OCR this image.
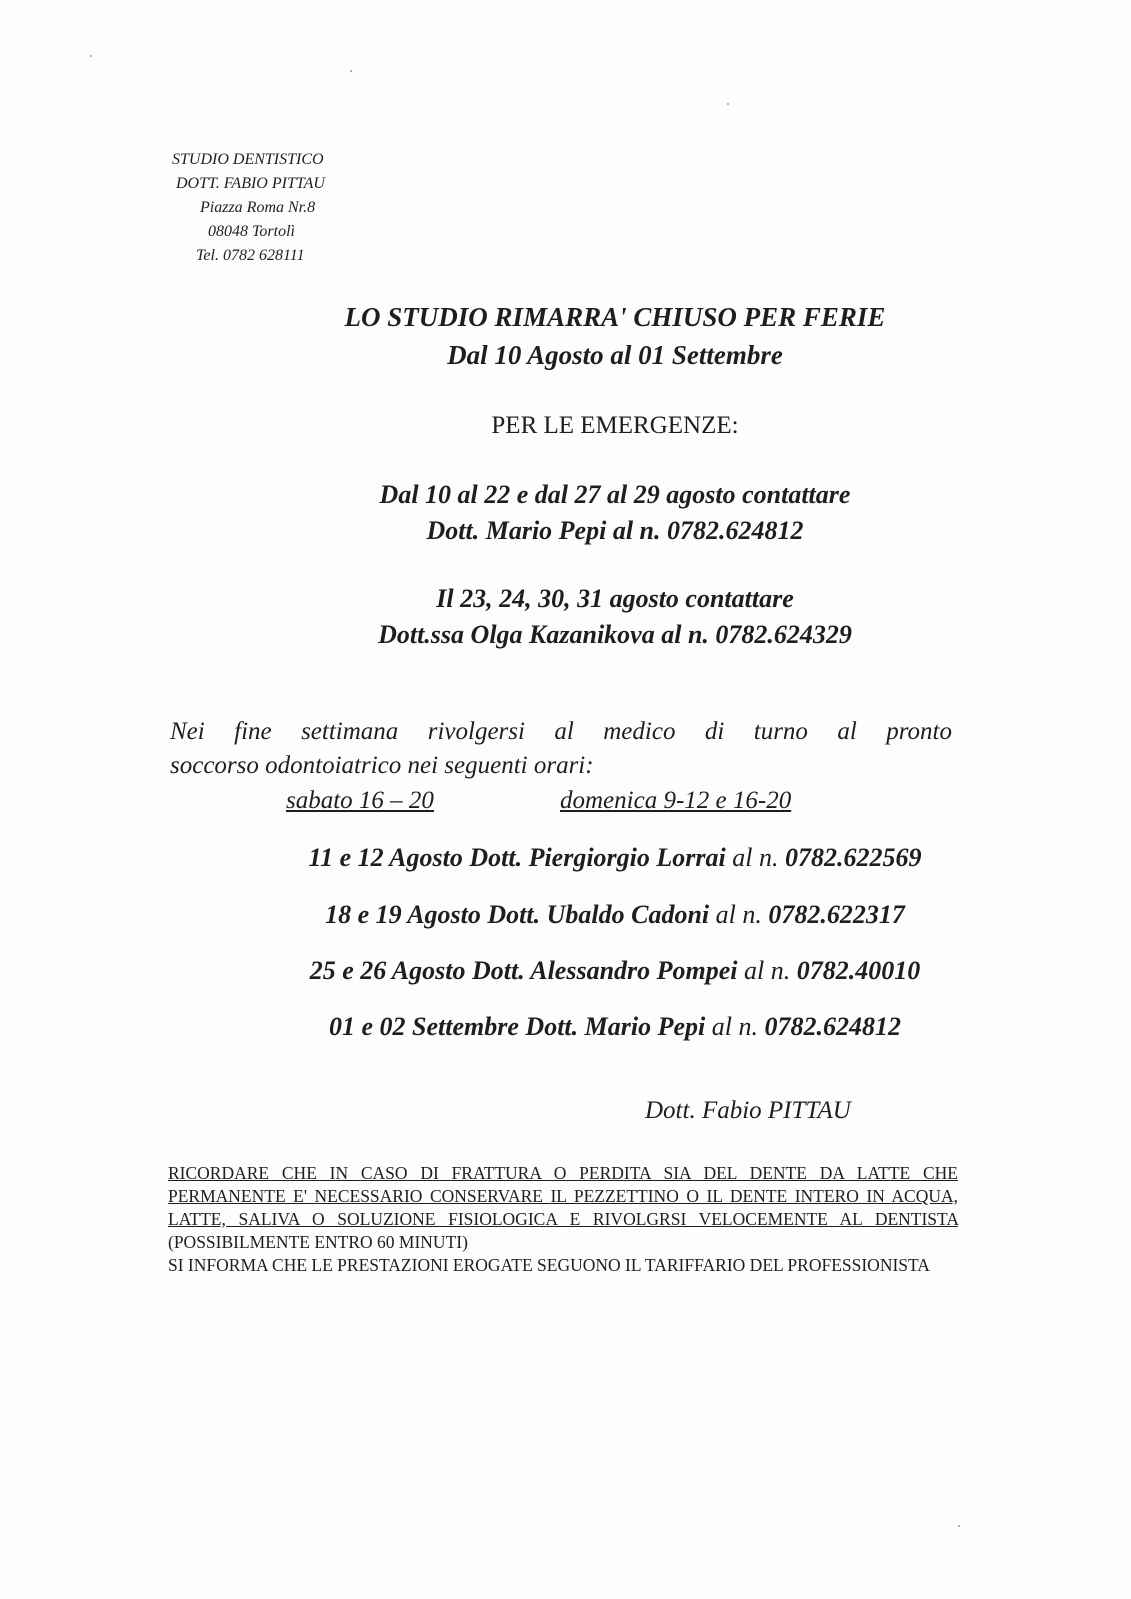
STUDIO DENTISTICO
DOTT. FABIO PITTAU
Piazza Roma Nr.8
08048 Tortolì
Tel. 0782 628111
LO STUDIO RIMARRA' CHIUSO PER FERIE
Dal 10 Agosto al 01 Settembre
PER LE EMERGENZE:
Dal 10 al 22 e dal 27 al 29 agosto contattare
Dott. Mario Pepi al n. 0782.624812
Il 23, 24, 30, 31 agosto contattare
Dott.ssa Olga Kazanikova al n. 0782.624329
Nei fine settimana rivolgersi al medico di turno al pronto
soccorso odontoiatrico nei seguenti orari:
sabato 16 – 20	domenica 9-12 e 16-20
11 e 12 Agosto Dott. Piergiorgio Lorrai al n. 0782.622569
18 e 19 Agosto Dott. Ubaldo Cadoni al n. 0782.622317
25 e 26 Agosto Dott. Alessandro Pompei al n. 0782.40010
01 e 02 Settembre Dott. Mario Pepi al n. 0782.624812
Dott. Fabio PITTAU
RICORDARE CHE IN CASO DI FRATTURA O PERDITA SIA DEL DENTE DA LATTE CHE PERMANENTE E' NECESSARIO CONSERVARE IL PEZZETTINO O IL DENTE INTERO IN ACQUA, LATTE, SALIVA O SOLUZIONE FISIOLOGICA E RIVOLGRSI VELOCEMENTE AL DENTISTA (POSSIBILMENTE ENTRO 60 MINUTI)
SI INFORMA CHE LE PRESTAZIONI EROGATE SEGUONO IL TARIFFARIO DEL PROFESSIONISTA
